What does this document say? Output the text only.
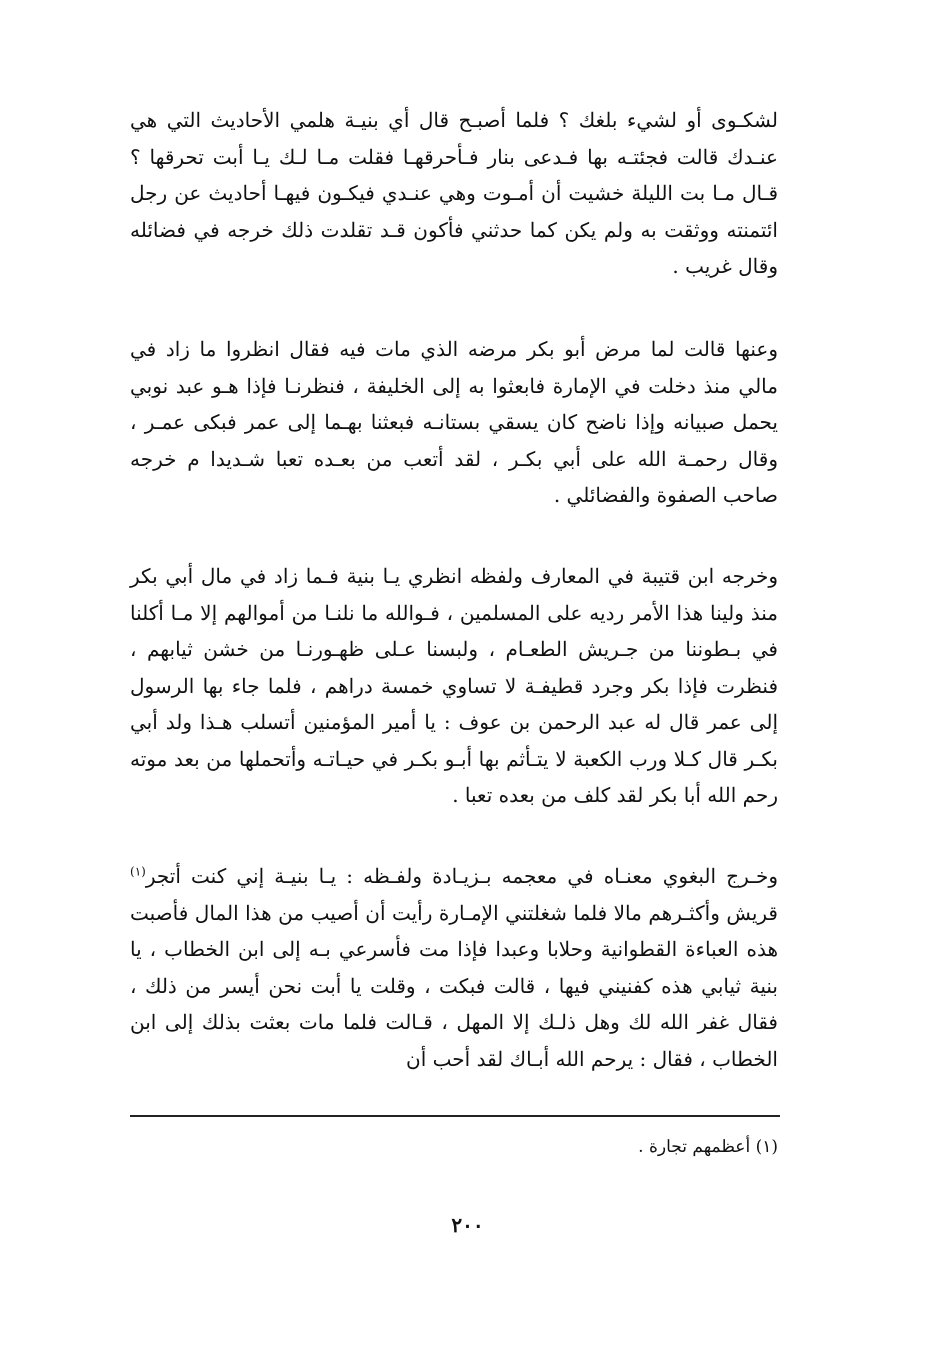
لشكـوى أو لشيء بلغك ؟ فلما أصبـح قال أي بنيـة هلمي الأحاديث التي هي عنـدك قالت فجئتـه بها فـدعى بنار فـأحرقهـا فقلت مـا لـك يـا أبت تحرقها ؟ قـال مـا بت الليلة خشيت أن أمـوت وهي عنـدي فيكـون فيهـا أحاديث عن رجل ائتمنته ووثقت به ولم يكن كما حدثني فأكون قـد تقلدت ذلك خرجه في فضائله وقال غريب .

وعنها قالت لما مرض أبو بكر مرضه الذي مات فيه فقال انظروا ما زاد في مالي منذ دخلت في الإمارة فابعثوا به إلى الخليفة ، فنظرنـا فإذا هـو عبد نوبي يحمل صبيانه وإذا ناضح كان يسقي بستانـه فبعثنا بهـما إلى عمر فبكى عمـر ، وقال رحمـة الله على أبي بكـر ، لقد أتعب من بعـده تعبا شـديدا م خرجه صاحب الصفوة والفضائلي .

وخرجه ابن قتيبة في المعارف ولفظه انظري يـا بنية فـما زاد في مال أبي بكر منذ ولينا هذا الأمر رديه على المسلمين ، فـوالله ما نلنـا من أموالهم إلا مـا أكلنا في بـطوننا من جـريش الطعـام ، ولبسنا عـلى ظهـورنـا من خشن ثيابهم ، فنظرت فإذا بكر وجرد قطيفـة لا تساوي خمسة دراهم ، فلما جاء بها الرسول إلى عمر قال له عبد الرحمن بن عوف : يا أمير المؤمنين أتسلب هـذا ولد أبي بكـر قال كـلا ورب الكعبة لا يتـأثم بها أبـو بكـر في حيـاتـه وأتحملها من بعد موته رحم الله أبا بكر لقد كلف من بعده تعبا .

وخـرج البغوي معنـاه في معجمه بـزيـادة ولفـظه : يـا بنيـة إني كنت أتجر$^{(١)}$ قريش وأكثـرهم مالا فلما شغلتني الإمـارة رأيت أن أصيب من هذا المال فأصبت هذه العباءة القطوانية وحلابا وعبدا فإذا مت فأسرعي بـه إلى ابن الخطاب ، يا بنية ثيابي هذه كفنيني فيها ، قالت فبكت ، وقلت يا أبت نحن أيسر من ذلك ، فقال غفر الله لك وهل ذلـك إلا المهل ، قـالت فلما مات بعثت بذلك إلى ابن الخطاب ، فقال : يرحم الله أبـاك لقد أحب أن

(١) أعظمهم تجارة .
٢٠٠
